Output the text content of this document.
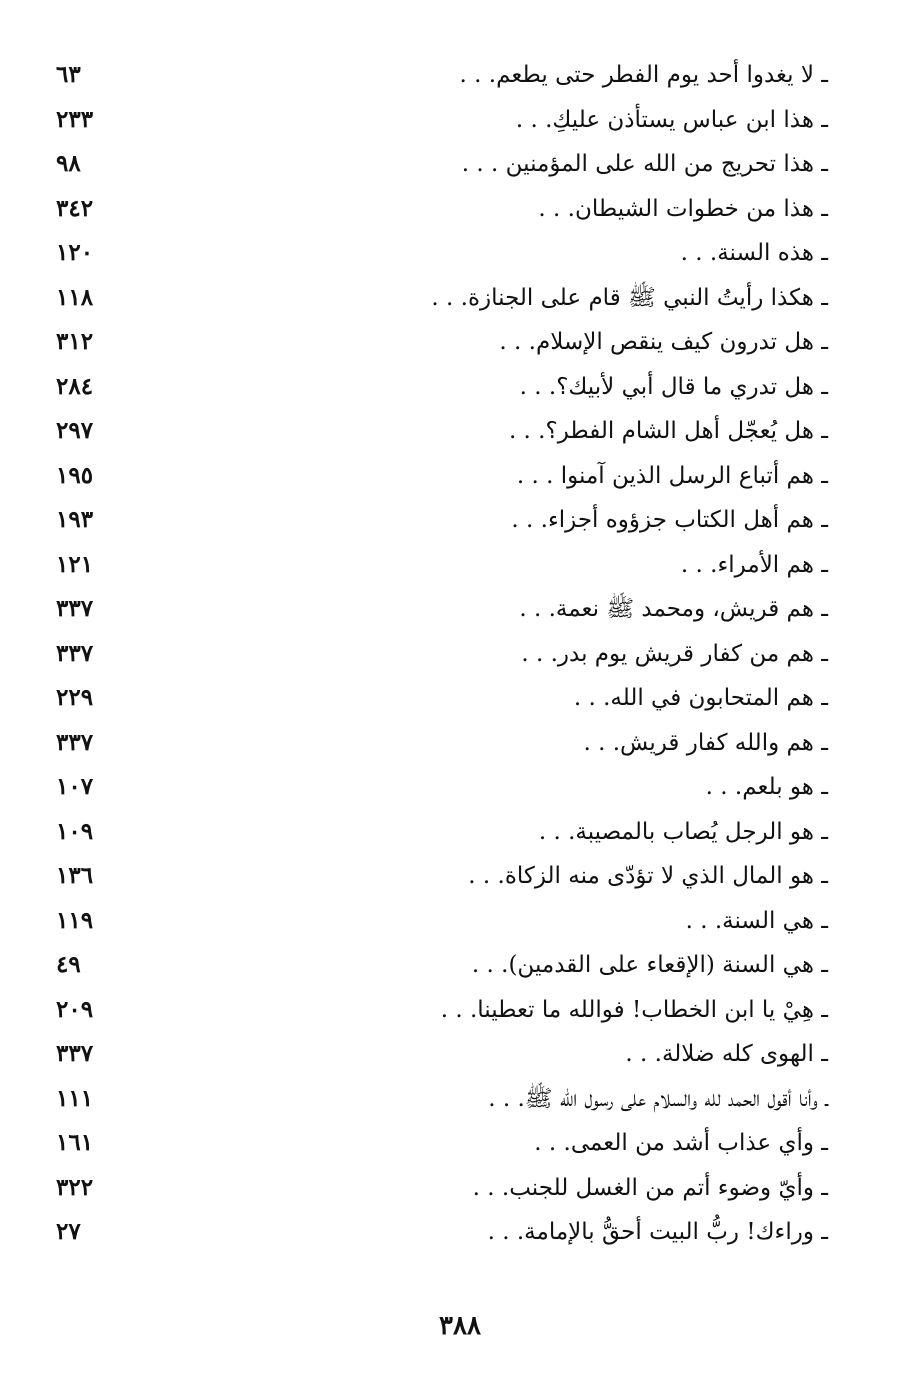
ـ لا يغدوا أحد يوم الفطر حتى يطعم. . .
٦٣
ـ هذا ابن عباس يستأذن عليكِ. . .
٢٣٣
ـ هذا تحريج من الله على المؤمنين . . .
٩٨
ـ هذا من خطوات الشيطان. . .
٣٤٢
ـ هذه السنة. . .
١٢٠
ـ هكذا رأيتُ النبي ﷺ قام على الجنازة. . .
١١٨
ـ هل تدرون كيف ينقص الإسلام. . .
٣١٢
ـ هل تدري ما قال أبي لأبيك؟. . .
٢٨٤
ـ هل يُعجّل أهل الشام الفطر؟. . .
٢٩٧
ـ هم أتباع الرسل الذين آمنوا . . .
١٩٥
ـ هم أهل الكتاب جزؤوه أجزاء. . .
١٩٣
ـ هم الأمراء. . .
١٢١
ـ هم قريش، ومحمد ﷺ نعمة. . .
٣٣٧
ـ هم من كفار قريش يوم بدر. . .
٣٣٧
ـ هم المتحابون في الله. . .
٢٢٩
ـ هم والله كفار قريش. . .
٣٣٧
ـ هو بلعم. . .
١٠٧
ـ هو الرجل يُصاب بالمصيبة. . .
١٠٩
ـ هو المال الذي لا تؤدّى منه الزكاة. . .
١٣٦
ـ هي السنة. . .
١١٩
ـ هي السنة (الإقعاء على القدمين). . .
٤٩
ـ هِيْ يا ابن الخطاب! فوالله ما تعطينا. . .
٢٠٩
ـ الهوى كله ضلالة. . .
٣٣٧
ـ وأنا أقول الحمد لله والسلام على رسول الله ﷺ. . .
١١١
ـ وأي عذاب أشد من العمى. . .
١٦١
ـ وأيّ وضوء أتم من الغسل للجنب. . .
٣٢٢
ـ وراءك! ربُّ البيت أحقُّ بالإمامة. . .
٢٧
٣٨٨
